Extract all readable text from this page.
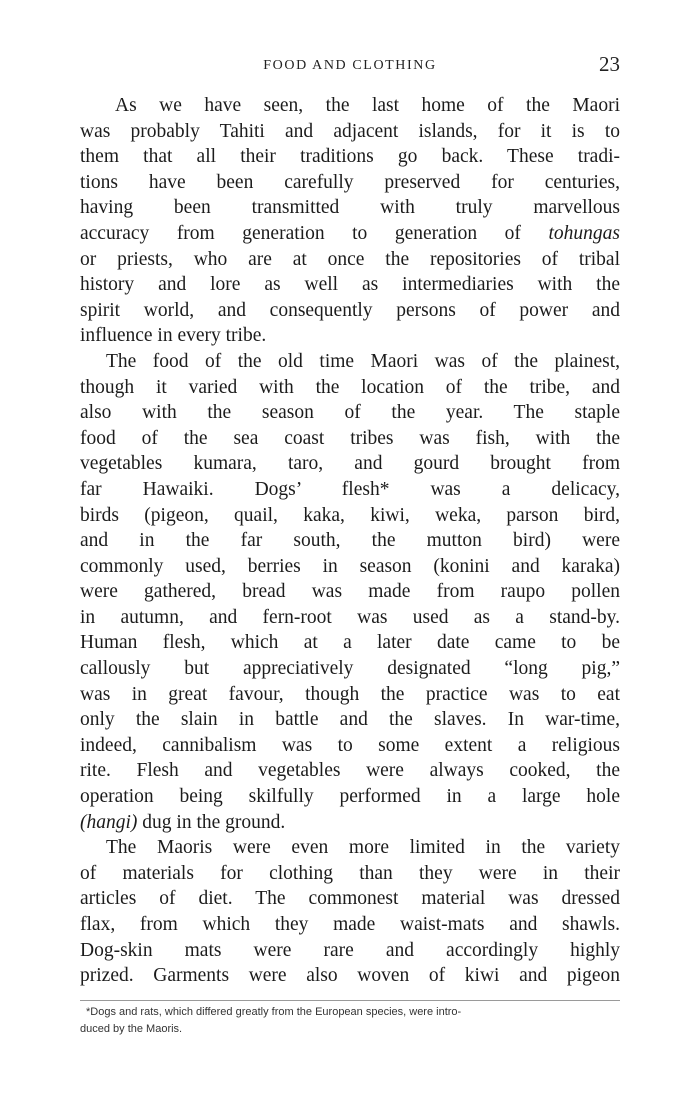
FOOD AND CLOTHING	23
As we have seen, the last home of the Maori
was probably Tahiti and adjacent islands, for it is to
them that all their traditions go back. These tradi-
tions have been carefully preserved for centuries,
having been transmitted with truly marvellous
accuracy from generation to generation of tohungas
or priests, who are at once the repositories of tribal
history and lore as well as intermediaries with the
spirit world, and consequently persons of power and
influence in every tribe.
The food of the old time Maori was of the plainest,
though it varied with the location of the tribe, and
also with the season of the year. The staple
food of the sea coast tribes was fish, with the
vegetables kumara, taro, and gourd brought from
far Hawaiki. Dogs’ flesh* was a delicacy,
birds (pigeon, quail, kaka, kiwi, weka, parson bird,
and in the far south, the mutton bird) were
commonly used, berries in season (konini and karaka)
were gathered, bread was made from raupo pollen
in autumn, and fern-root was used as a stand-by.
Human flesh, which at a later date came to be
callously but appreciatively designated “long pig,”
was in great favour, though the practice was to eat
only the slain in battle and the slaves. In war-time,
indeed, cannibalism was to some extent a religious
rite. Flesh and vegetables were always cooked, the
operation being skilfully performed in a large hole
(hangi) dug in the ground.
The Maoris were even more limited in the variety
of materials for clothing than they were in their
articles of diet. The commonest material was dressed
flax, from which they made waist-mats and shawls.
Dog-skin mats were rare and accordingly highly
prized. Garments were also woven of kiwi and pigeon
*Dogs and rats, which differed greatly from the European species, were intro-
duced by the Maoris.
